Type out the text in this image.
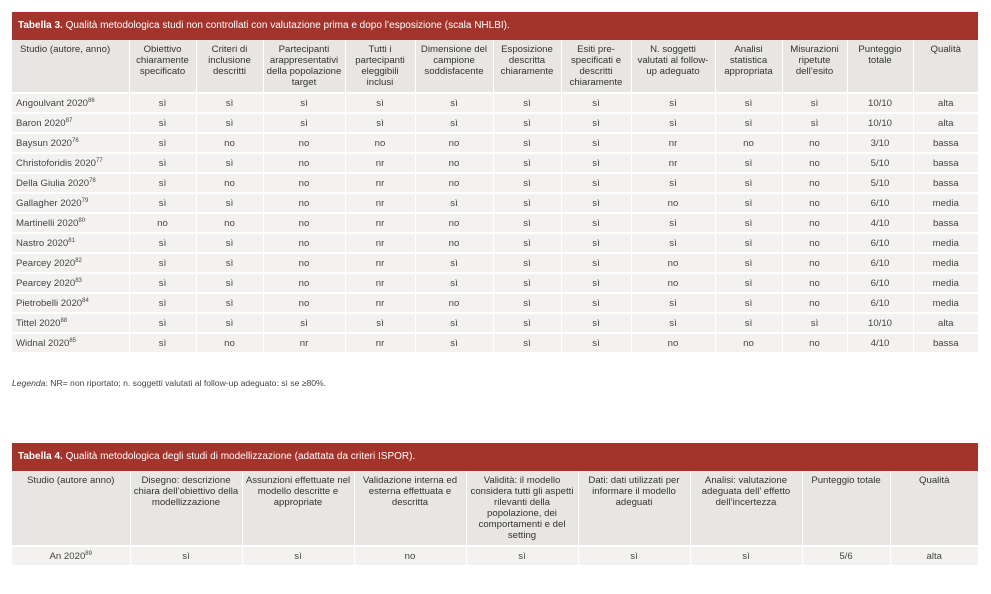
Tabella 3. Qualità metodologica studi non controllati con valutazione prima e dopo l’esposizione (scala NHLBI).
Studio (autore, anno)	Obiettivo chiaramente specificato	Criteri di inclusione descritti	Partecipanti arappresentativi della popolazione target	Tutti i partecipanti eleggibili inclusi	Dimensione del campione soddisfacente	Esposizione descritta chiaramente	Esiti pre-specificati e descritti chiaramente	N. soggetti valutati al follow-up adeguato	Analisi statistica appropriata	Misurazioni ripetute dell’esito	Punteggio totale	Qualità
Angoulvant 2020$^{86}$	sì	sì	sì	sì	sì	sì	sì	sì	sì	sì	10/10	alta
Baron 2020$^{87}$	sì	sì	sì	sì	sì	sì	sì	sì	sì	sì	10/10	alta
Baysun 2020$^{76}$	sì	no	no	no	no	sì	sì	nr	no	no	3/10	bassa
Christoforidis 2020$^{77}$	sì	sì	no	nr	no	sì	sì	nr	sì	no	5/10	bassa
Della Giulia 2020$^{78}$	sì	no	no	nr	no	sì	sì	sì	sì	no	5/10	bassa
Gallagher 2020$^{79}$	sì	sì	no	nr	sì	sì	sì	no	sì	no	6/10	media
Martinelli 2020$^{80}$	no	no	no	nr	no	sì	sì	sì	sì	no	4/10	bassa
Nastro 2020$^{81}$	sì	sì	no	nr	no	sì	sì	sì	sì	no	6/10	media
Pearcey 2020$^{82}$	sì	sì	no	nr	sì	sì	sì	no	sì	no	6/10	media
Pearcey 2020$^{83}$	sì	sì	no	nr	sì	sì	sì	no	sì	no	6/10	media
Pietrobelli 2020$^{84}$	sì	sì	no	nr	no	sì	sì	sì	sì	no	6/10	media
Tittel 2020$^{88}$	sì	sì	sì	sì	sì	sì	sì	sì	sì	sì	10/10	alta
Widnal 2020$^{85}$	sì	no	nr	nr	sì	sì	sì	no	no	no	4/10	bassa
Legenda: NR= non riportato; n. soggetti valutati al follow-up adeguato: sì se ≥80%.
Tabella 4. Qualità metodologica degli studi di modellizzazione (adattata da criteri ISPOR).
Studio (autore anno)	Disegno: descrizione chiara dell’obiettivo della modellizzazione	Assunzioni effettuate nel modello descritte e appropriate	Validazione interna ed esterna effettuata e descritta	Validità: il modello considera tutti gli aspetti rilevanti della popolazione, dei comportamenti e del setting	Dati: dati utilizzati per informare il modello adeguati	Analisi: valutazione adeguata dell’ effetto dell’incertezza	Punteggio totale	Qualità
An 2020$^{89}$	sì	sì	no	sì	sì	sì	5/6	alta
